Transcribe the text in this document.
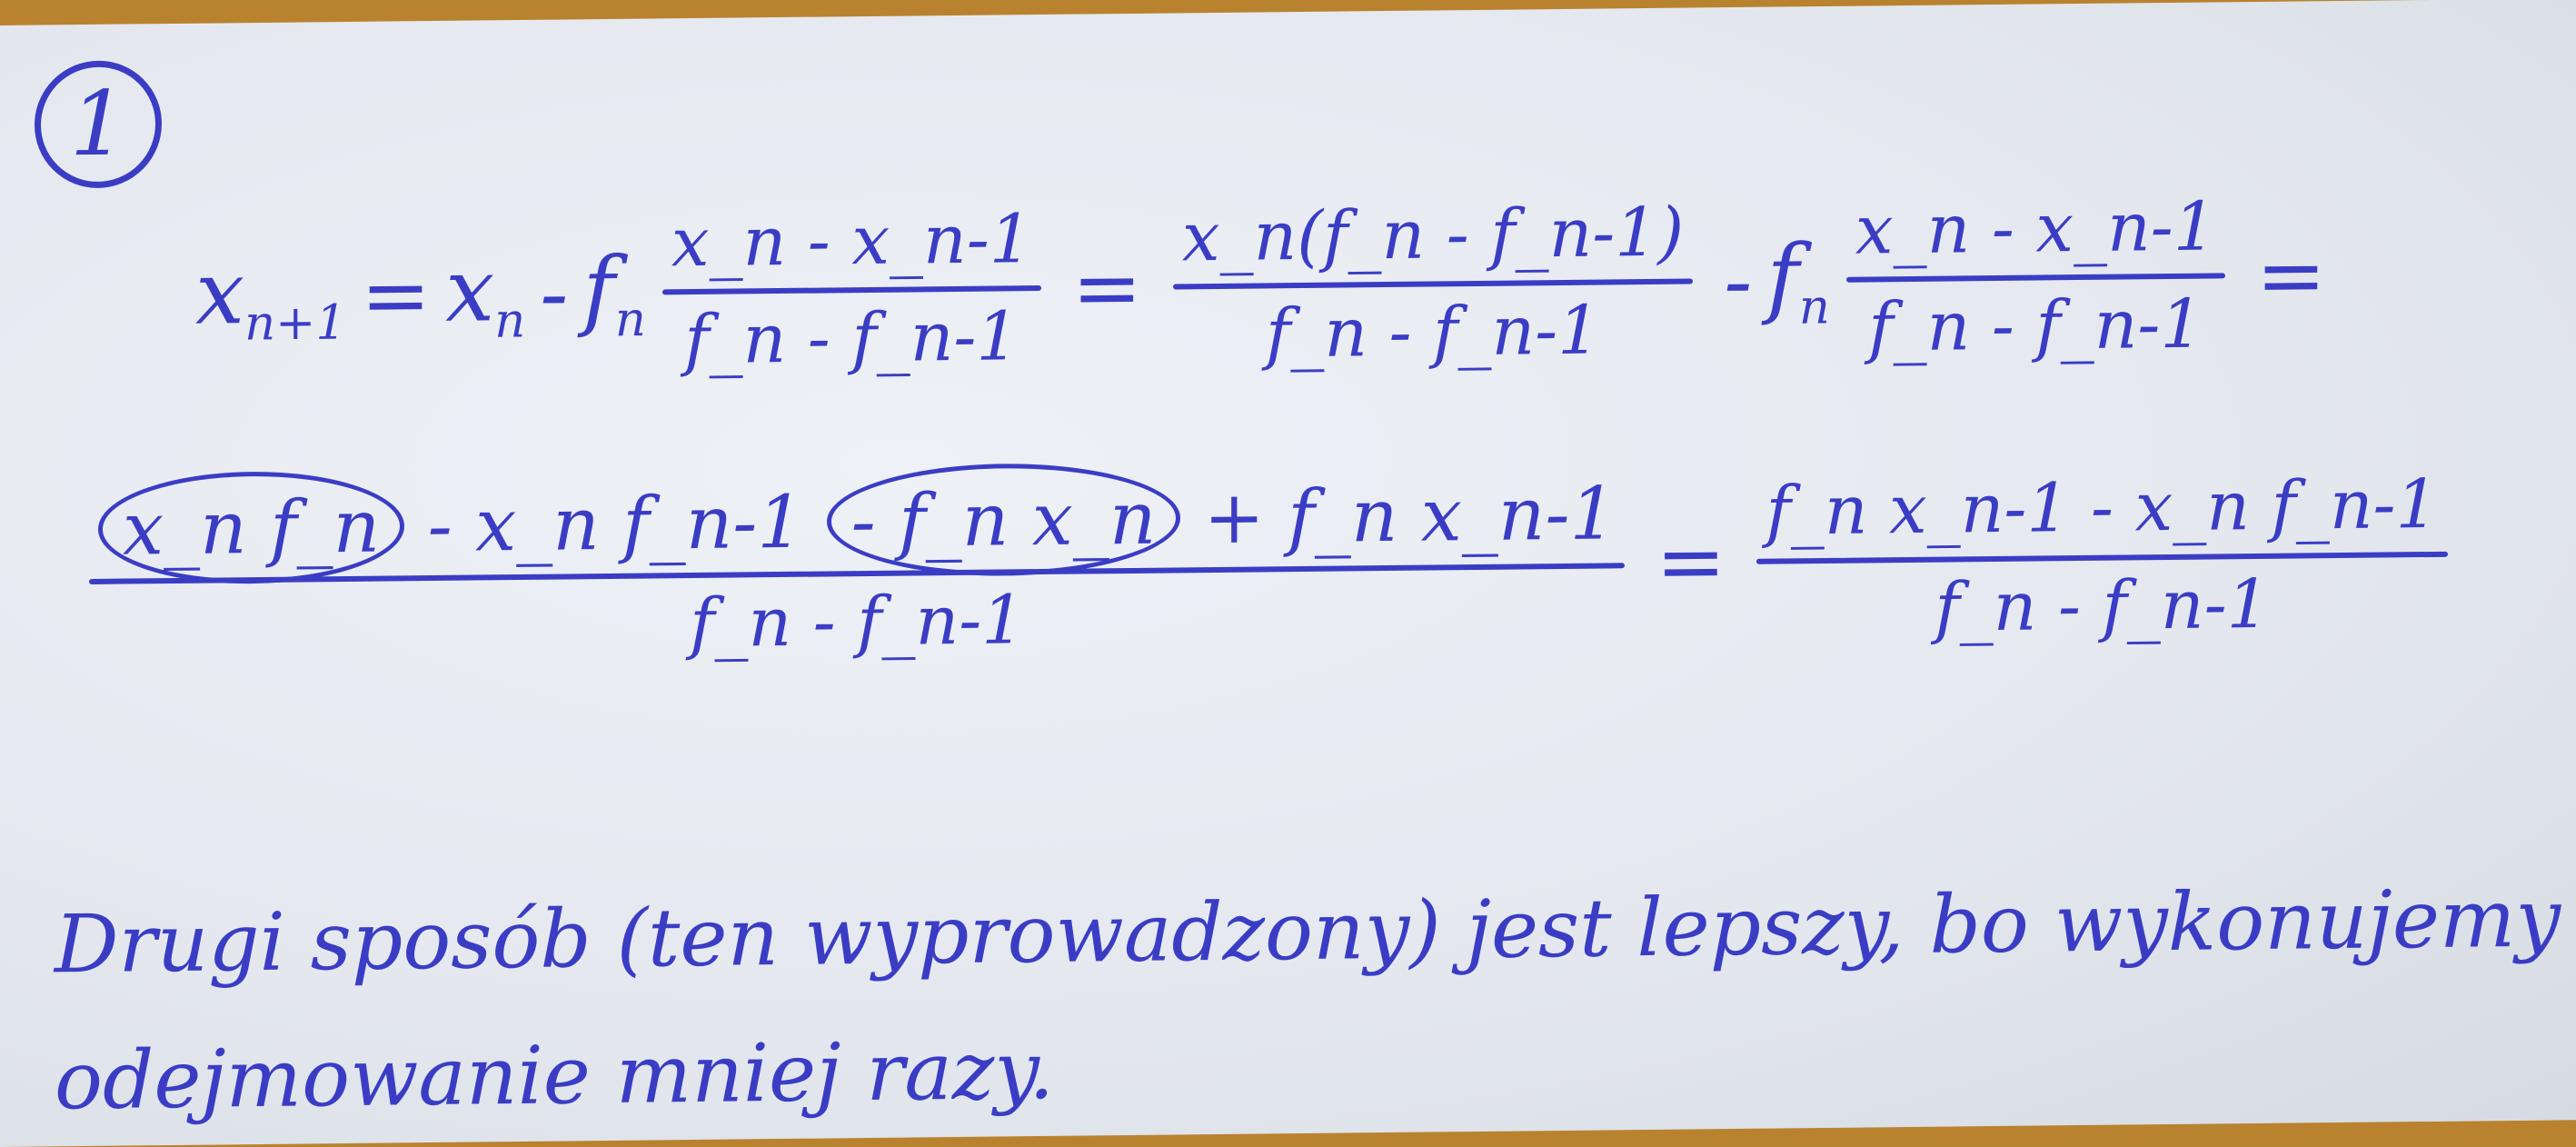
1
$x_{n+1} = x_n - f_n$
x_n - x_n-1
f_n - f_n-1
=
x_n(f_n - f_n-1)
f_n - f_n-1
- $f_n$
x_n - x_n-1
f_n - f_n-1
=
x_n f_n - x_n f_n-1 - f_n x_n + f_n x_n-1
f_n - f_n-1
=
f_n x_n-1 - x_n f_n-1
f_n - f_n-1
Drugi sposób (ten wyprowadzony) jest lepszy, bo wykonujemy
odejmowanie mniej razy.
